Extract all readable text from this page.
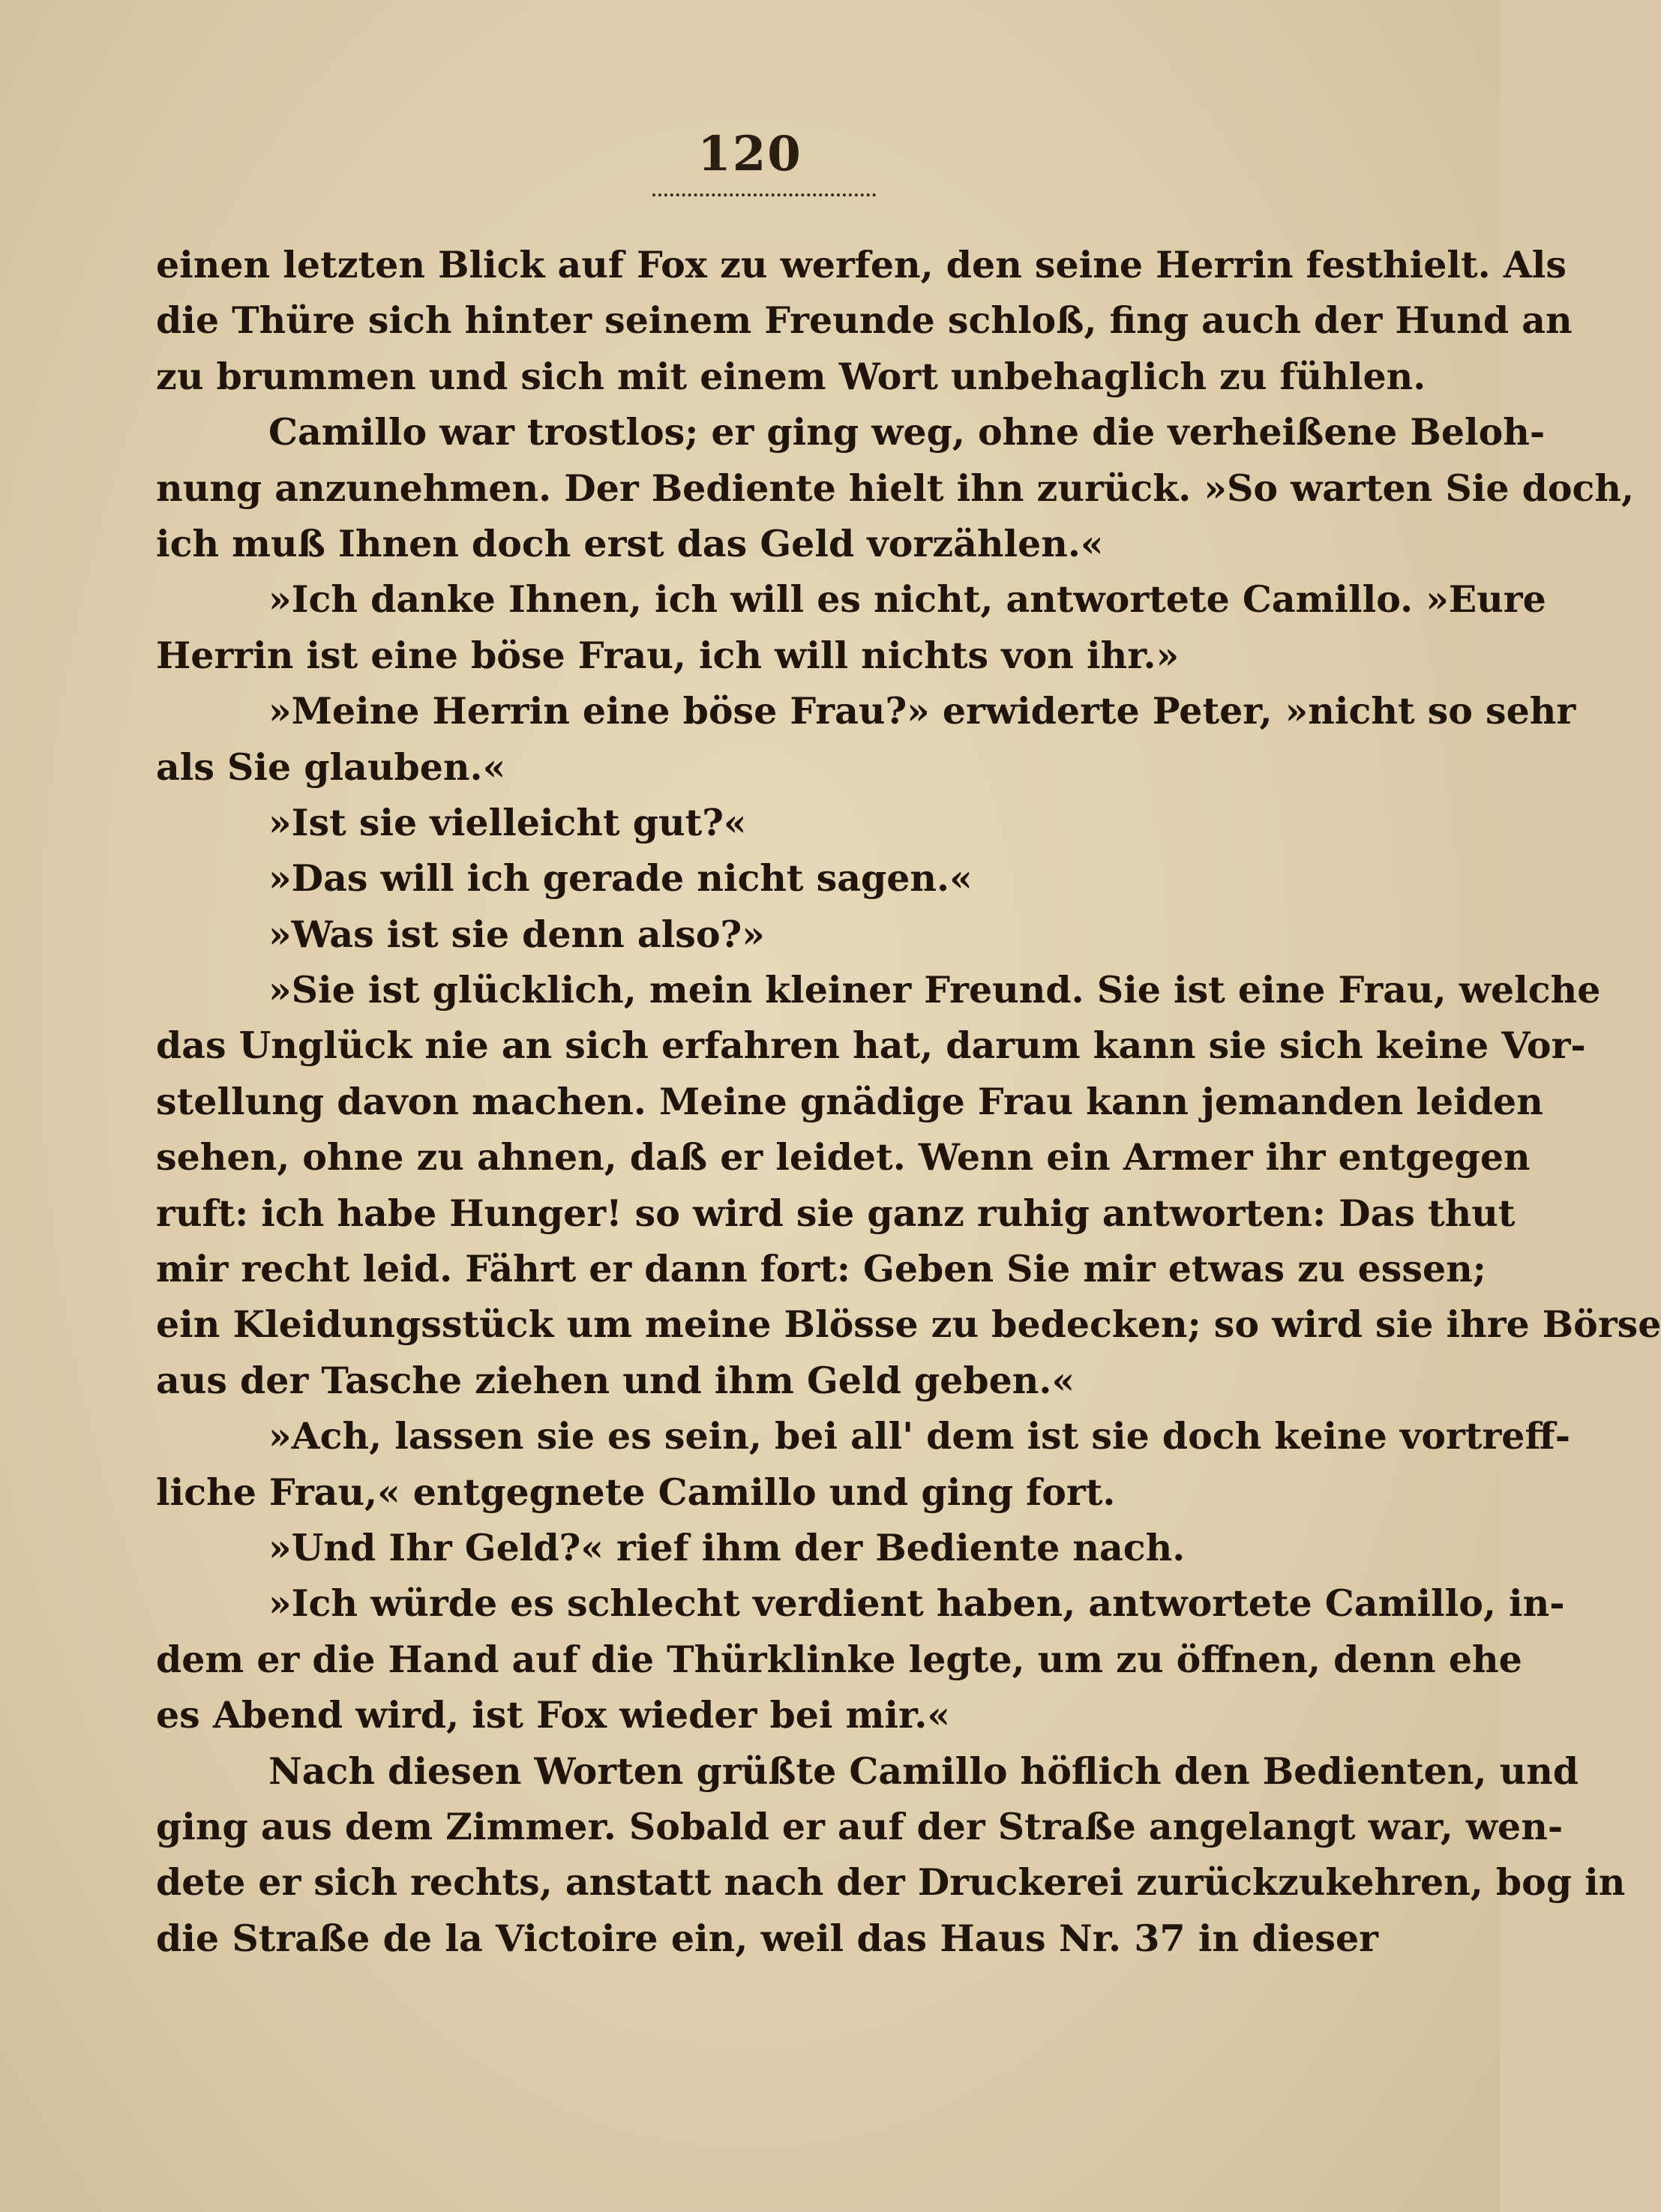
120
einen letzten Blick auf Fox zu werfen, den seine Herrin festhielt. Als
die Thüre sich hinter seinem Freunde schloß, fing auch der Hund an
zu brummen und sich mit einem Wort unbehaglich zu fühlen.
Camillo war trostlos; er ging weg, ohne die verheißene Beloh-
nung anzunehmen. Der Bediente hielt ihn zurück. »So warten Sie doch,
ich muß Ihnen doch erst das Geld vorzählen.«
»Ich danke Ihnen, ich will es nicht, antwortete Camillo. »Eure
Herrin ist eine böse Frau, ich will nichts von ihr.»
»Meine Herrin eine böse Frau?» erwiderte Peter, »nicht so sehr
als Sie glauben.«
»Ist sie vielleicht gut?«
»Das will ich gerade nicht sagen.«
»Was ist sie denn also?»
»Sie ist glücklich, mein kleiner Freund. Sie ist eine Frau, welche
das Unglück nie an sich erfahren hat, darum kann sie sich keine Vor-
stellung davon machen. Meine gnädige Frau kann jemanden leiden
sehen, ohne zu ahnen, daß er leidet. Wenn ein Armer ihr entgegen
ruft: ich habe Hunger! so wird sie ganz ruhig antworten: Das thut
mir recht leid. Fährt er dann fort: Geben Sie mir etwas zu essen;
ein Kleidungsstück um meine Blösse zu bedecken; so wird sie ihre Börse
aus der Tasche ziehen und ihm Geld geben.«
»Ach, lassen sie es sein, bei all' dem ist sie doch keine vortreff-
liche Frau,« entgegnete Camillo und ging fort.
»Und Ihr Geld?« rief ihm der Bediente nach.
»Ich würde es schlecht verdient haben, antwortete Camillo, in-
dem er die Hand auf die Thürklinke legte, um zu öffnen, denn ehe
es Abend wird, ist Fox wieder bei mir.«
Nach diesen Worten grüßte Camillo höflich den Bedienten, und
ging aus dem Zimmer. Sobald er auf der Straße angelangt war, wen-
dete er sich rechts, anstatt nach der Druckerei zurückzukehren, bog in
die Straße de la Victoire ein, weil das Haus Nr. 37 in dieser
